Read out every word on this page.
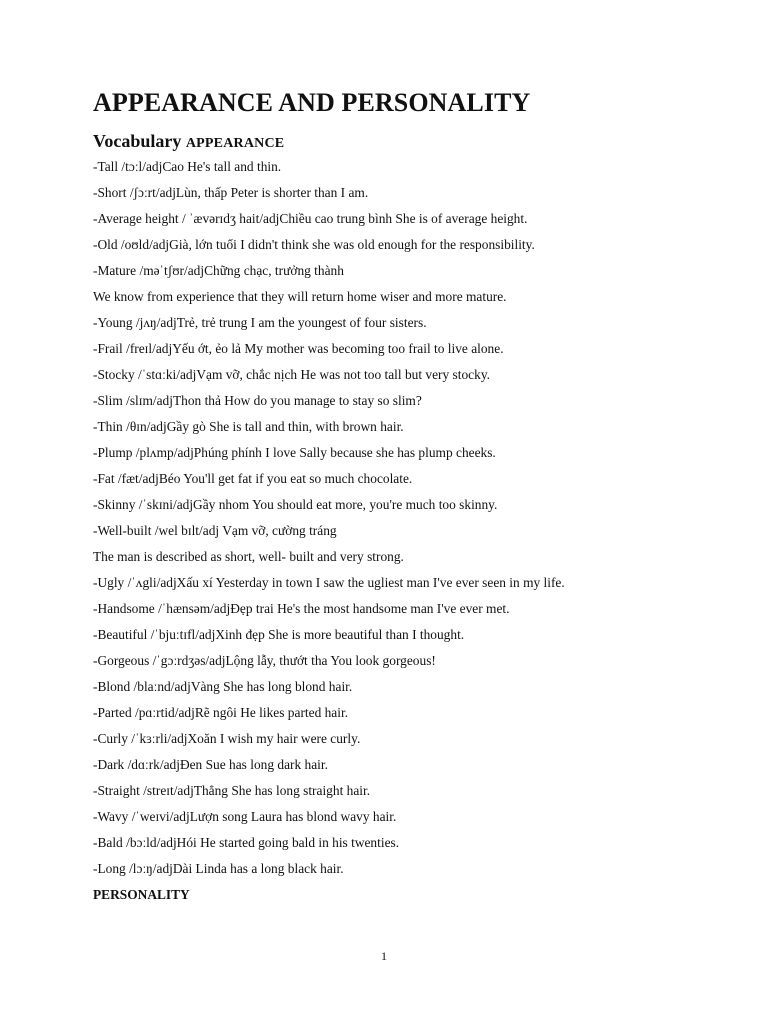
APPEARANCE AND PERSONALITY
Vocabulary APPEARANCE
-Tall /tɔːl/adjCao He's tall and thin.
-Short /ʃɔːrt/adjLùn, thấp Peter is shorter than I am.
-Average height / ˈævərɪdʒ hait/adjChiều cao trung bình She is of average height.
-Old /oʊld/adjGià, lớn tuổi I didn't think she was old enough for the responsibility.
-Mature /məˈtʃʊr/adjChững chạc, trưởng thành
We know from experience that they will return home wiser and more mature.
-Young /jʌŋ/adjTrẻ, trẻ trung I am the youngest of four sisters.
-Frail /freɪl/adjYếu ớt, ẻo lả My mother was becoming too frail to live alone.
-Stocky /ˈstɑːki/adjVạm vỡ, chắc nịch He was not too tall but very stocky.
-Slim /slɪm/adjThon thả How do you manage to stay so slim?
-Thin /θɪn/adjGầy gò She is tall and thin, with brown hair.
-Plump /plʌmp/adjPhúng phính I love Sally because she has plump cheeks.
-Fat /fæt/adjBéo You'll get fat if you eat so much chocolate.
-Skinny /ˈskɪni/adjGầy nhom You should eat more, you're much too skinny.
-Well-built /wel bɪlt/adj Vạm vỡ, cường tráng
The man is described as short, well- built and very strong.
-Ugly /ˈʌgli/adjXấu xí Yesterday in town I saw the ugliest man I've ever seen in my life.
-Handsome /ˈhænsəm/adjĐẹp trai He's the most handsome man I've ever met.
-Beautiful /ˈbjuːtɪfl/adjXinh đẹp She is more beautiful than I thought.
-Gorgeous /ˈgɔːrdʒəs/adjLộng lẫy, thướt tha You look gorgeous!
-Blond /blaːnd/adjVàng She has long blond hair.
-Parted /pɑːrtid/adjRẽ ngôi He likes parted hair.
-Curly /ˈkɜːrli/adjXoăn I wish my hair were curly.
-Dark /dɑːrk/adjĐen Sue has long dark hair.
-Straight /streɪt/adjThẳng She has long straight hair.
-Wavy /ˈweɪvi/adjLượn song Laura has blond wavy hair.
-Bald /bɔːld/adjHói He started going bald in his twenties.
-Long /lɔːŋ/adjDài Linda has a long black hair.
PERSONALITY
1
